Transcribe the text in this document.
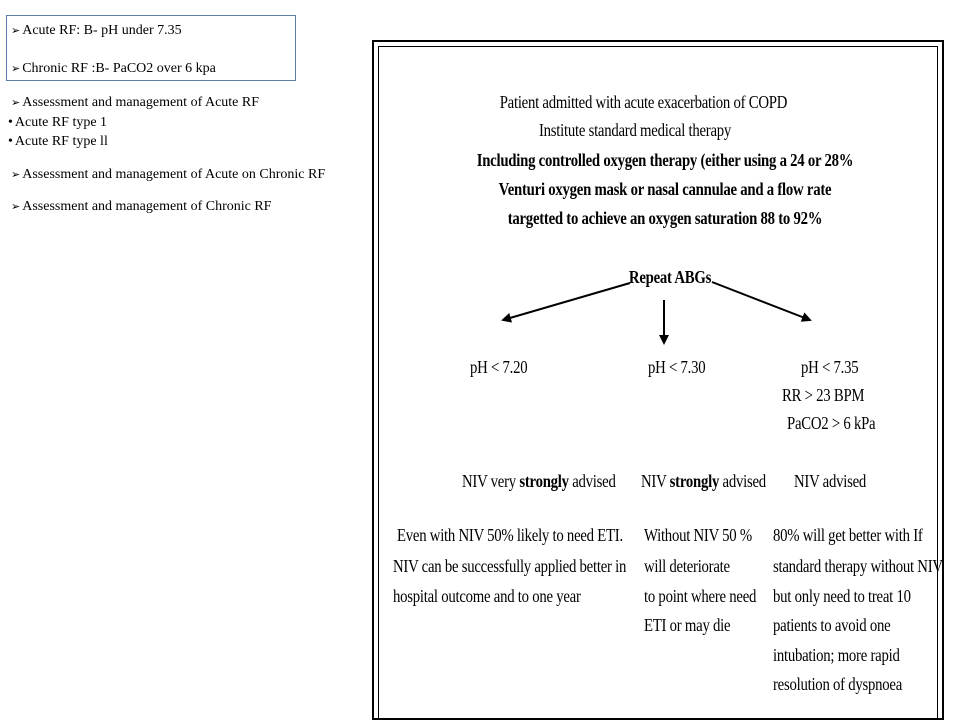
➢ Acute RF: B- pH under 7.35
➢ Chronic RF :B- PaCO2 over 6 kpa
➢ Assessment and management of Acute RF
• Acute RF type 1
• Acute RF type ll
➢ Assessment and management of Acute on Chronic RF
➢ Assessment and management of Chronic RF
Patient admitted with acute exacerbation of COPD
Institute standard medical therapy
Including controlled oxygen therapy (either using a 24 or 28%
Venturi oxygen mask or nasal cannulae and a flow rate
targetted to achieve an oxygen saturation 88 to 92%
Repeat ABGs
pH < 7.20	pH < 7.30	pH < 7.35
RR > 23 BPM
PaCO2 > 6 kPa
NIV very strongly advised NIV strongly advised NIV advised
Even with NIV 50% likely to need ETI.
NIV can be successfully applied better in
hospital outcome and to one year
Without NIV 50 %
will deteriorate
to point where need
ETI or may die
80% will get better with If
standard therapy without NIV
but only need to treat 10
patients to avoid one
intubation; more rapid
resolution of dyspnoea
